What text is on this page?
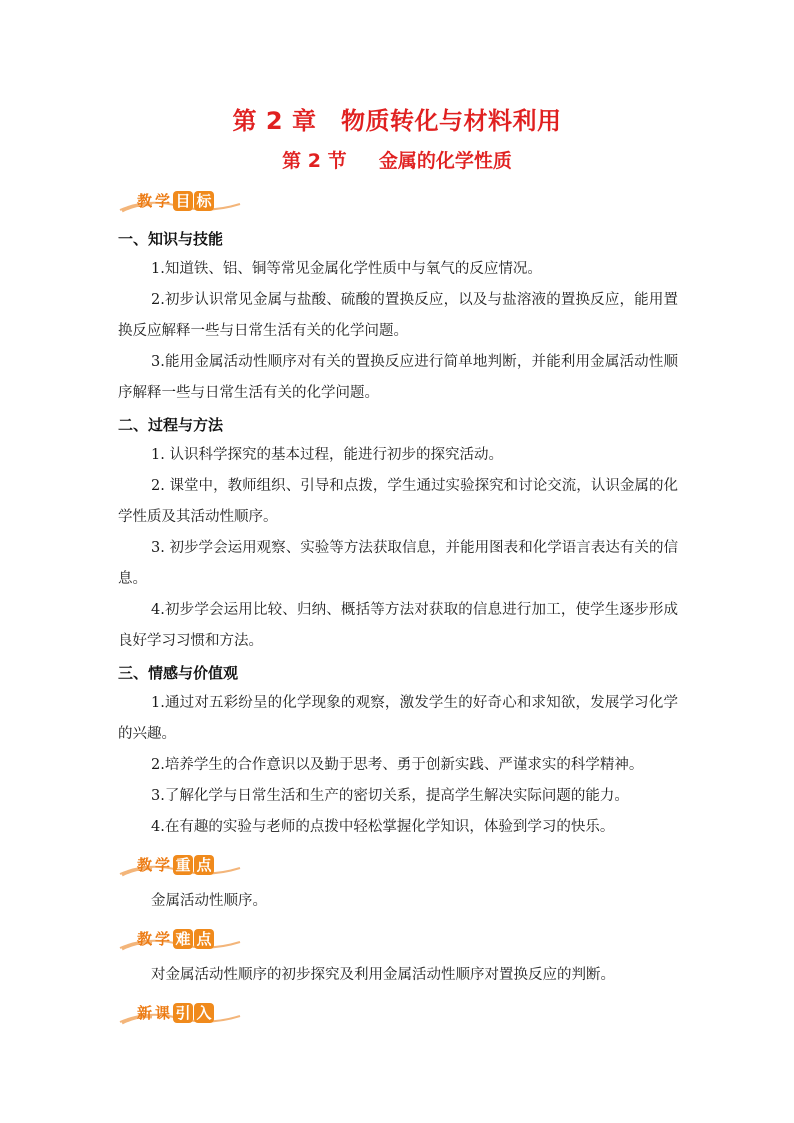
第 2 章　物质转化与材料利用
第 2 节　  金属的化学性质
教 学 目 标
一、知识与技能
1.知道铁、铝、铜等常见金属化学性质中与氧气的反应情况。
2.初步认识常见金属与盐酸、硫酸的置换反应，以及与盐溶液的置换反应，能用置换反应解释一些与日常生活有关的化学问题。
3.能用金属活动性顺序对有关的置换反应进行简单地判断，并能利用金属活动性顺序解释一些与日常生活有关的化学问题。
二、过程与方法
1. 认识科学探究的基本过程，能进行初步的探究活动。
2. 课堂中，教师组织、引导和点拨，学生通过实验探究和讨论交流，认识金属的化学性质及其活动性顺序。
3. 初步学会运用观察、实验等方法获取信息，并能用图表和化学语言表达有关的信息。
4.初步学会运用比较、归纳、概括等方法对获取的信息进行加工，使学生逐步形成良好学习习惯和方法。
三、情感与价值观
1.通过对五彩纷呈的化学现象的观察，激发学生的好奇心和求知欲，发展学习化学的兴趣。
2.培养学生的合作意识以及勤于思考、勇于创新实践、严谨求实的科学精神。
3.了解化学与日常生活和生产的密切关系，提高学生解决实际问题的能力。
4.在有趣的实验与老师的点拨中轻松掌握化学知识，体验到学习的快乐。
教 学 重 点
金属活动性顺序。
教 学 难 点
对金属活动性顺序的初步探究及利用金属活动性顺序对置换反应的判断。
新 课 引 入
